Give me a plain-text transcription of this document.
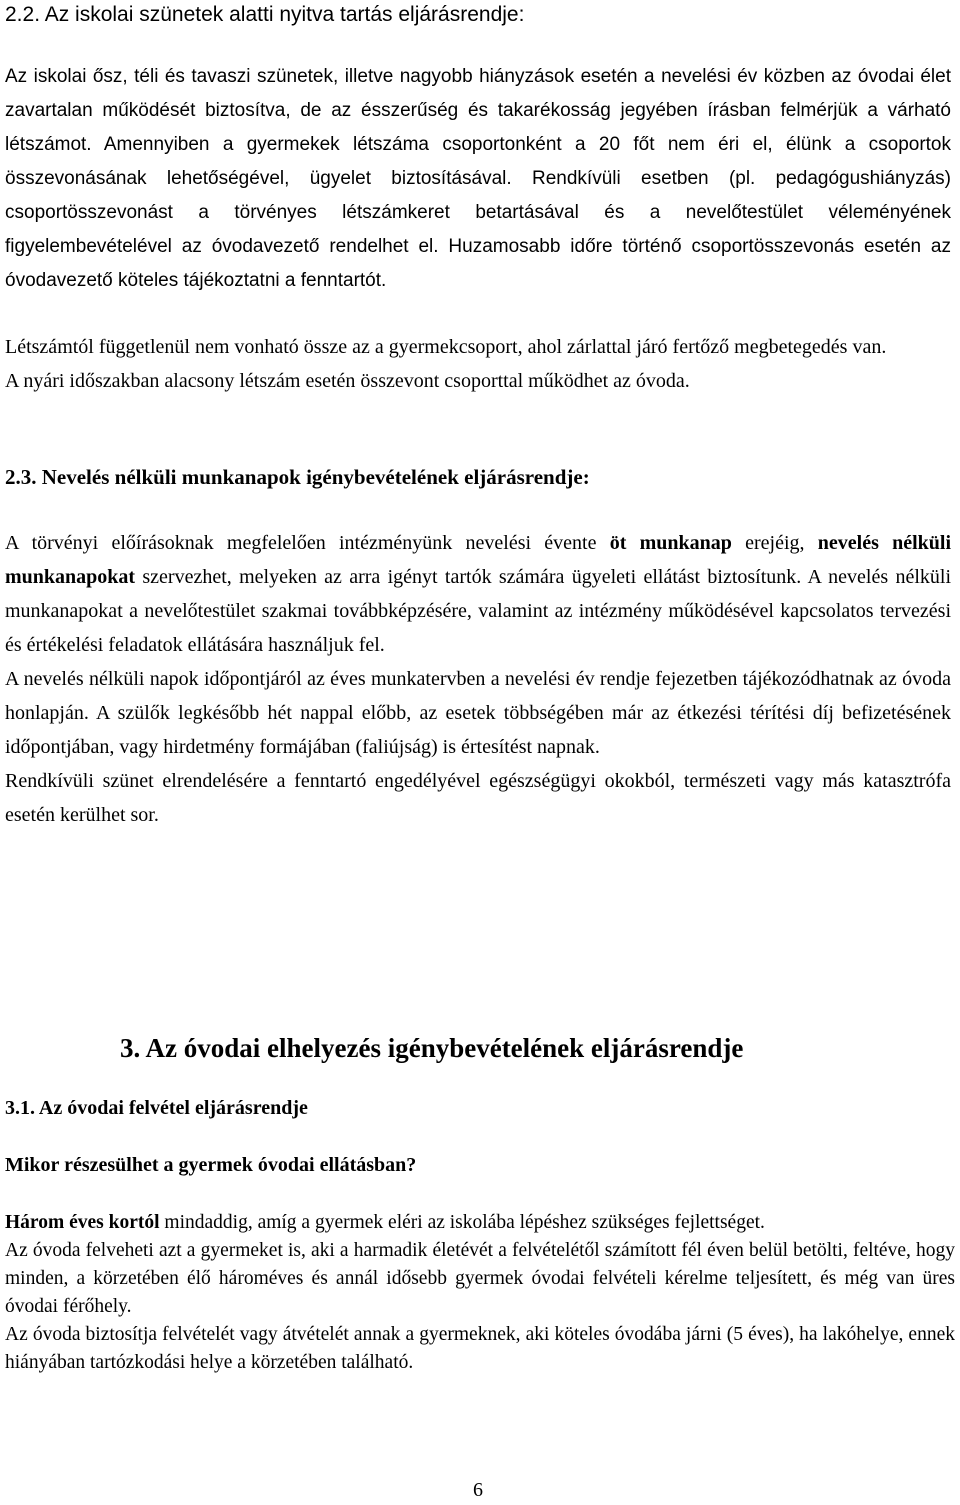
2.2. Az iskolai szünetek alatti nyitva tartás eljárásrendje:

Az iskolai ősz, téli és tavaszi szünetek, illetve nagyobb hiányzások esetén a nevelési év közben az óvodai élet zavartalan működését biztosítva, de az ésszerűség és takarékosság jegyében írásban felmérjük a várható létszámot. Amennyiben a gyermekek létszáma csoportonként a 20 főt nem éri el, élünk a csoportok összevonásának lehetőségével, ügyelet biztosításával. Rendkívüli esetben (pl. pedagógushiányzás) csoportösszevonást a törvényes létszámkeret betartásával és a nevelőtestület véleményének figyelembevételével az óvodavezető rendelhet el. Huzamosabb időre történő csoportösszevonás esetén az óvodavezető köteles tájékoztatni a fenntartót.

Létszámtól függetlenül nem vonható össze az a gyermekcsoport, ahol zárlattal járó fertőző megbetegedés van.

A nyári időszakban alacsony létszám esetén összevont csoporttal működhet az óvoda.

2.3. Nevelés nélküli munkanapok igénybevételének eljárásrendje:

A törvényi előírásoknak megfelelően intézményünk nevelési évente öt munkanap erejéig, nevelés nélküli munkanapokat szervezhet, melyeken az arra igényt tartók számára ügyeleti ellátást biztosítunk. A nevelés nélküli munkanapokat a nevelőtestület szakmai továbbképzésére, valamint az intézmény működésével kapcsolatos tervezési és értékelési feladatok ellátására használjuk fel.

A nevelés nélküli napok időpontjáról az éves munkatervben a nevelési év rendje fejezetben tájékozódhatnak az óvoda honlapján. A szülők legkésőbb hét nappal előbb, az esetek többségében már az étkezési térítési díj befizetésének időpontjában, vagy hirdetmény formájában (faliújság) is értesítést napnak.

Rendkívüli szünet elrendelésére a fenntartó engedélyével egészségügyi okokból, természeti vagy más katasztrófa esetén kerülhet sor.

3. Az óvodai elhelyezés igénybevételének eljárásrendje
3.1. Az óvodai felvétel eljárásrendje
Mikor részesülhet a gyermek óvodai ellátásban?

Három éves kortól mindaddig, amíg a gyermek eléri az iskolába lépéshez szükséges fejlettséget.

Az óvoda felveheti azt a gyermeket is, aki a harmadik életévét a felvételétől számított fél éven belül betölti, feltéve, hogy minden, a körzetében élő hároméves és annál idősebb gyermek óvodai felvételi kérelme teljesített, és még van üres óvodai férőhely.

Az óvoda biztosítja felvételét vagy átvételét annak a gyermeknek, aki köteles óvodába járni (5 éves), ha lakóhelye, ennek hiányában tartózkodási helye a körzetében található.

6
